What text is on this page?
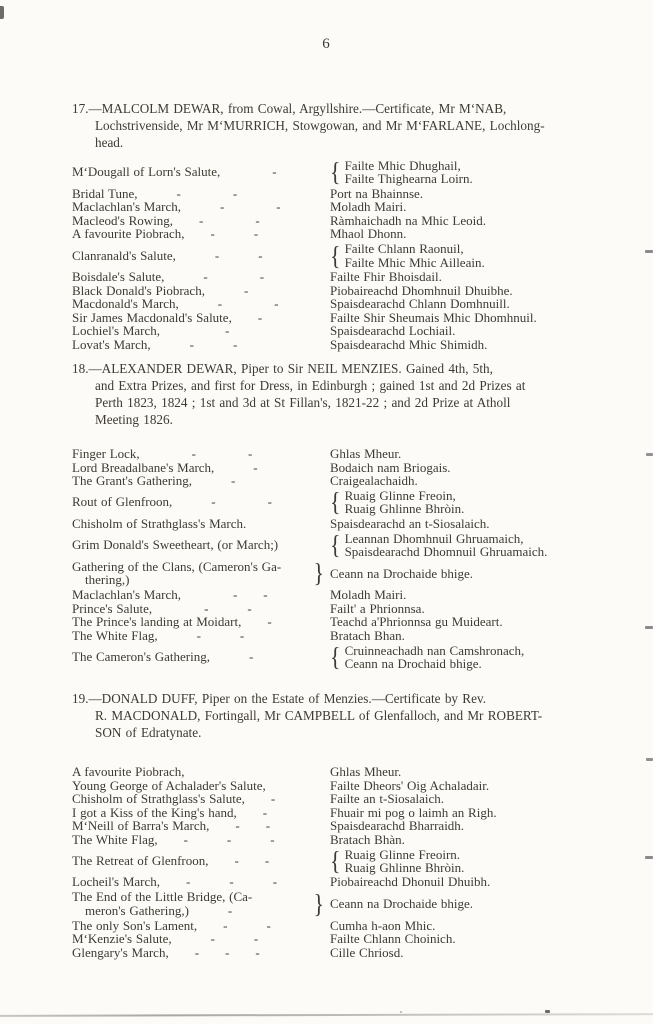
6
17.—MALCOLM DEWAR, from Cowal, Argyllshire.—Certificate, Mr M‘NAB,
Lochstrivenside, Mr M‘MURRICH, Stowgowan, and Mr M‘FARLANE, Lochlong-
head.
M‘Dougall of Lorn's Salute,    -	{ Failte Mhic Dhughail,
Failte Thighearna Loirn.
Bridal Tune,   -    -	Port na Bhainnse.
Maclachlan's March,   -    -	Moladh Mairi.
Macleod's Rowing,  -    -	Ràmhaichadh na Mhic Leoid.
A favourite Piobrach,  -   -	Mhaol Dhonn.
Clanranald's Salute,   -   -	{ Failte Chlann Raonuil,
Failte Mhic Mhic Ailleain.
Boisdale's Salute,   -    -	Failte Fhir Bhoisdail.
Black Donald's Piobrach,   -	Piobaireachd Dhomhnuil Dhuibhe.
Macdonald's March,   -    -	Spaisdearachd Chlann Domhnuill.
Sir James Macdonald's Salute,  -	Failte Shir Sheumais Mhic Dhomhnuil.
Lochiel's March,     -	Spaisdearachd Lochiail.
Lovat's March,   -   -	Spaisdearachd Mhic Shimidh.
18.—ALEXANDER DEWAR, Piper to Sir NEIL MENZIES. Gained 4th, 5th,
and Extra Prizes, and first for Dress, in Edinburgh ; gained 1st and 2d Prizes at
Perth 1823, 1824 ; 1st and 3d at St Fillan's, 1821-22 ; and 2d Prize at Atholl
Meeting 1826.
Finger Lock,    -    -	Ghlas Mheur.
Lord Breadalbane's March,   -	Bodaich nam Briogais.
The Grant's Gathering,   -	Craigealachaidh.
Rout of Glenfroon,   -    -	{ Ruaig Glinne Freoin,
Ruaig Ghlinne Bhròin.
Chisholm of Strathglass's March.	Spaisdearachd an t-Siosalaich.
Grim Donald's Sweetheart, (or March;)	{ Leannan Dhomhnuil Ghruamaich,
Spaisdearachd Dhomnuil Ghruamaich.
Gathering of the Clans, (Cameron's Ga-
thering,)	} Ceann na Drochaide bhige.
Maclachlan's March,    -  -	Moladh Mairi.
Prince's Salute,    -   -	Failt' a Phrionnsa.
The Prince's landing at Moidart,  -	Teachd a'Phrionnsa gu Muideart.
The White Flag,   -   -	Bratach Bhan.
The Cameron's Gathering,   -	{ Cruinneachadh nan Camshronach,
Ceann na Drochaid bhige.
19.—DONALD DUFF, Piper on the Estate of Menzies.—Certificate by Rev.
R. MACDONALD, Fortingall, Mr CAMPBELL of Glenfalloch, and Mr ROBERT-
SON of Edratynate.
A favourite Piobrach,	Ghlas Mheur.
Young George of Achalader's Salute,	Failte Dheors' Oig Achaladair.
Chisholm of Strathglass's Salute,  -	Failte an t-Siosalaich.
I got a Kiss of the King's hand,  -	Fhuair mi pog o laimh an Righ.
M‘Neill of Barra's March,  -  -	Spaisdearachd Bharraidh.
The White Flag,  -   -   -	Bratach Bhàn.
The Retreat of Glenfroon,  -  -	{ Ruaig Glinne Freoirn.
Ruaig Ghlinne Bhròin.
Locheil's March,  -   -   -	Piobaireachd Dhonuil Dhuibh.
The End of the Little Bridge, (Ca-
meron's Gathering,)   -	} Ceann na Drochaide bhige.
The only Son's Lament,  -   -	Cumha h-aon Mhic.
M‘Kenzie's Salute,   -   -	Failte Chlann Choinich.
Glengary's March,  -  -  -	Cille Chriosd.
